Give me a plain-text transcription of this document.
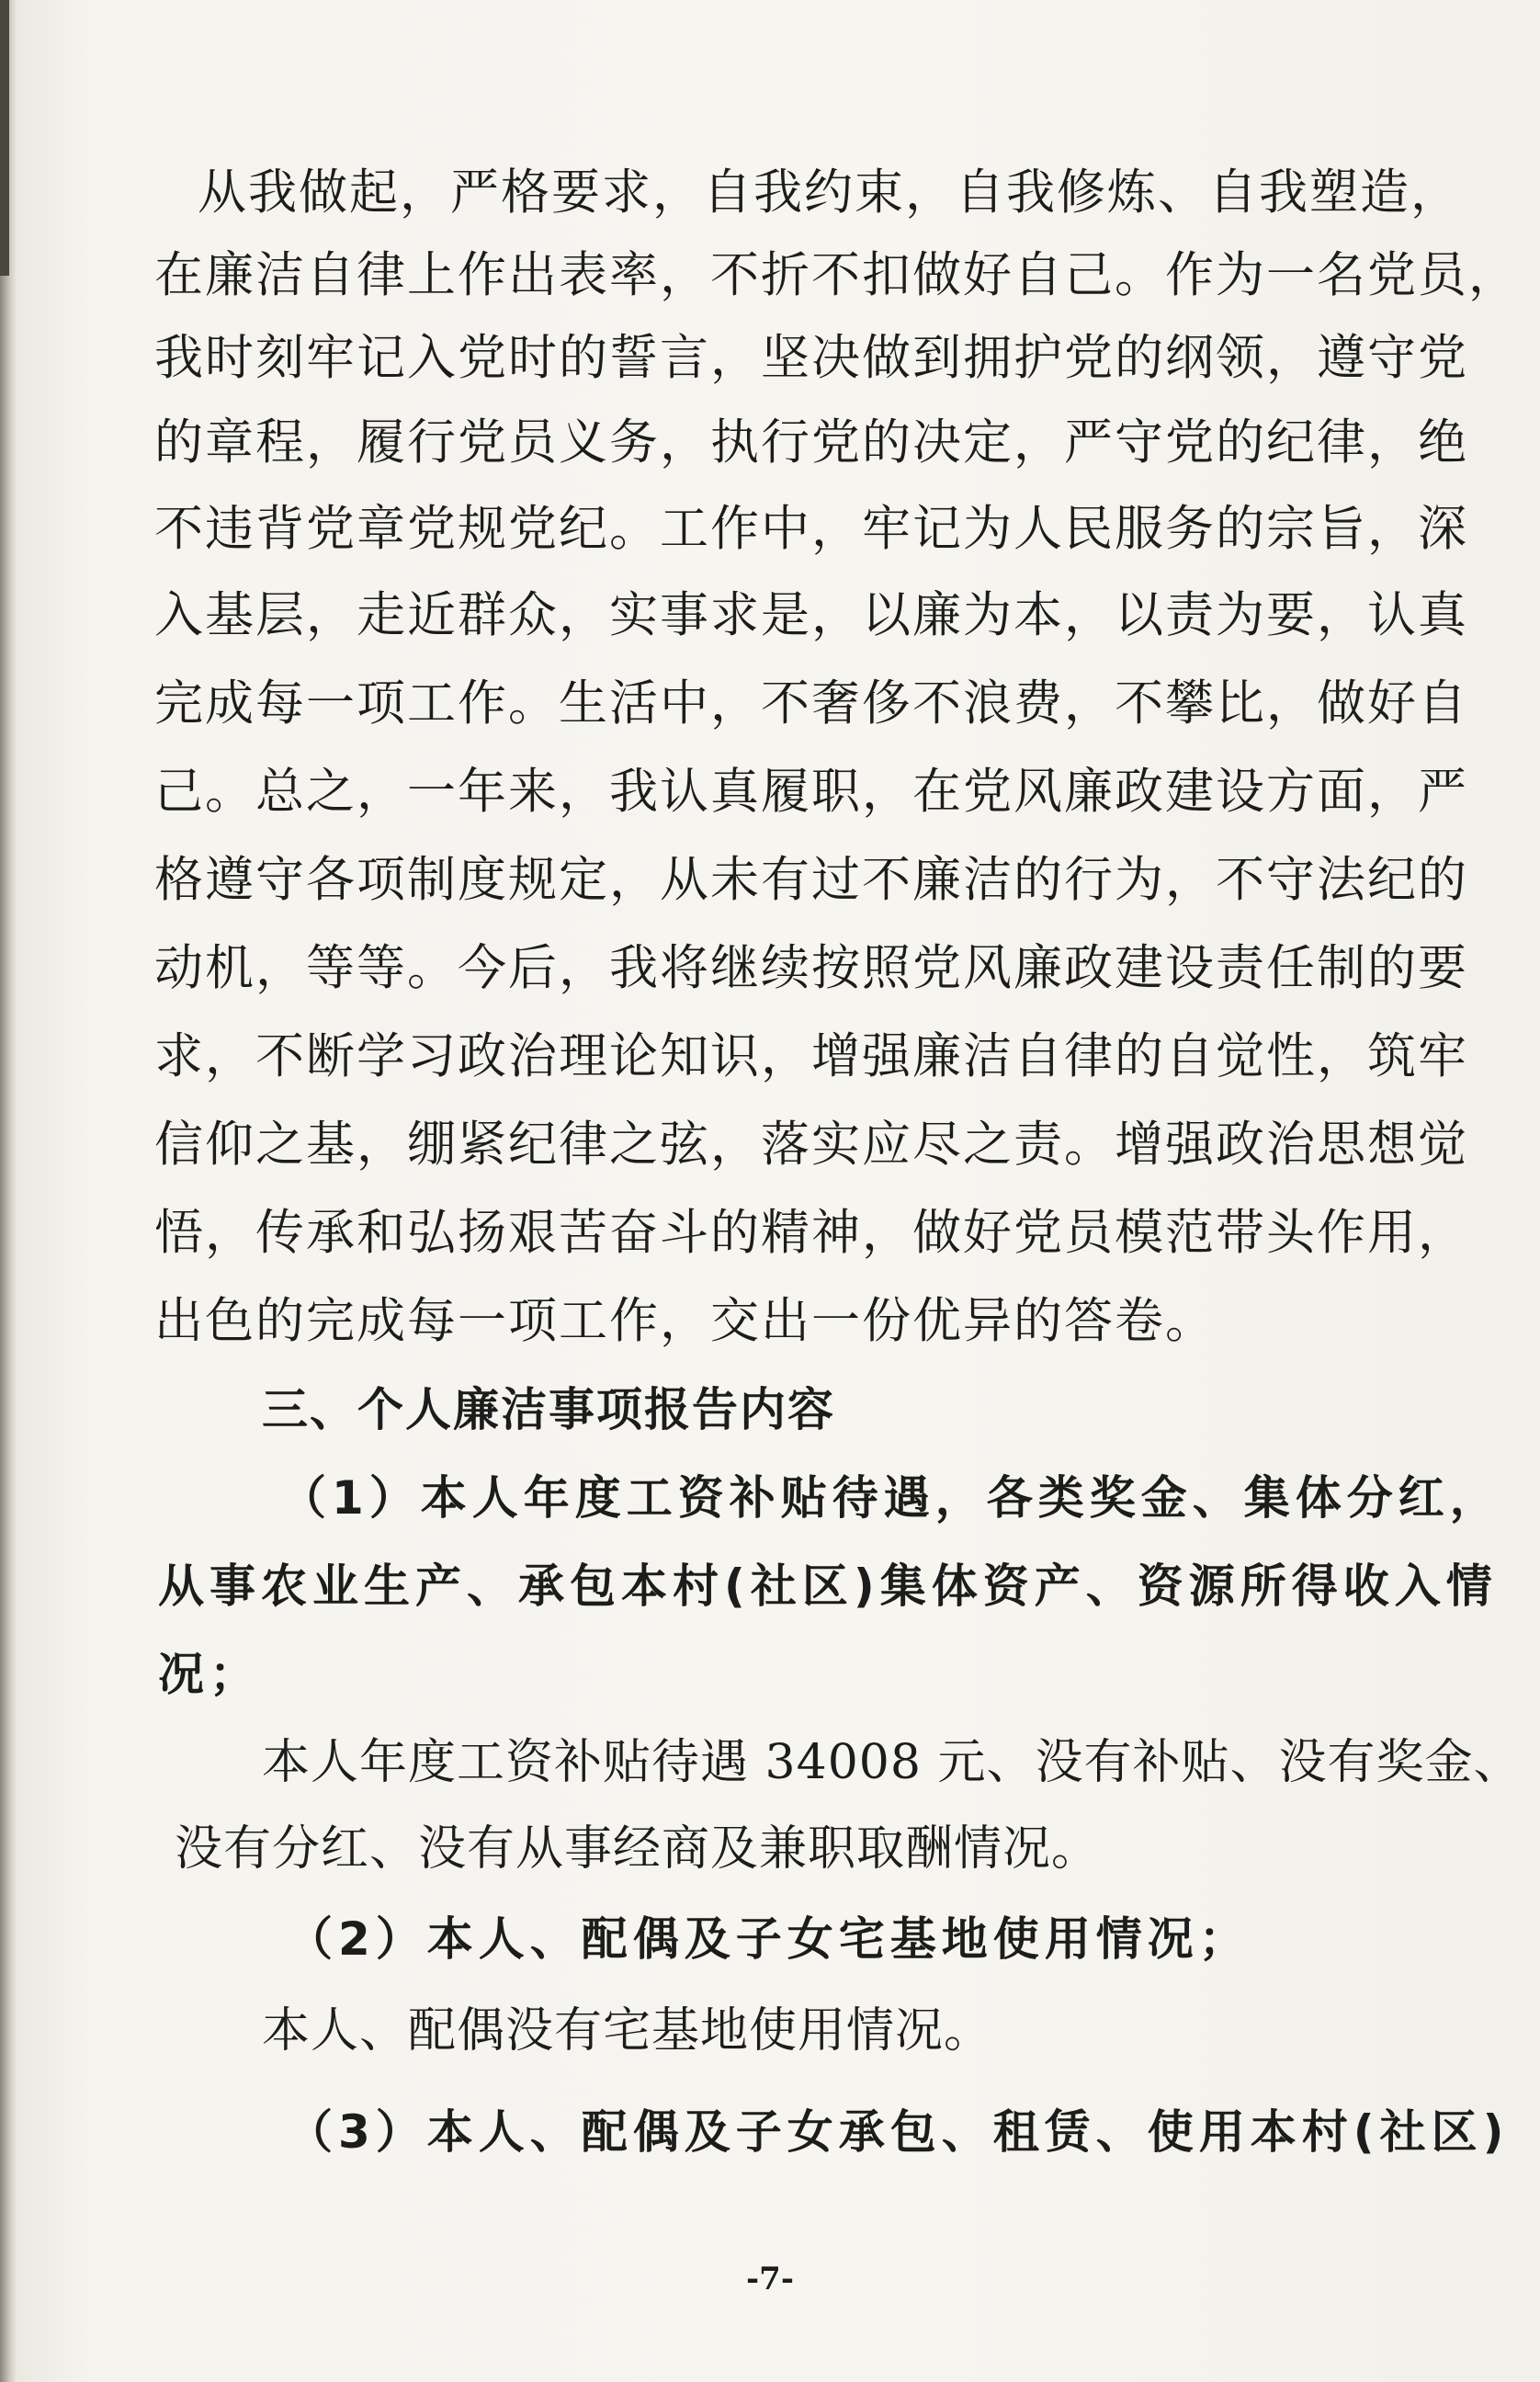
从我做起，严格要求，自我约束，自我修炼、自我塑造，
在廉洁自律上作出表率，不折不扣做好自己。作为一名党员，
我时刻牢记入党时的誓言，坚决做到拥护党的纲领，遵守党
的章程，履行党员义务，执行党的决定，严守党的纪律，绝
不违背党章党规党纪。工作中，牢记为人民服务的宗旨，深
入基层，走近群众，实事求是，以廉为本，以责为要，认真
完成每一项工作。生活中，不奢侈不浪费，不攀比，做好自
己。总之，一年来，我认真履职，在党风廉政建设方面，严
格遵守各项制度规定，从未有过不廉洁的行为，不守法纪的
动机，等等。今后，我将继续按照党风廉政建设责任制的要
求，不断学习政治理论知识，增强廉洁自律的自觉性，筑牢
信仰之基，绷紧纪律之弦，落实应尽之责。增强政治思想觉
悟，传承和弘扬艰苦奋斗的精神，做好党员模范带头作用，
出色的完成每一项工作，交出一份优异的答卷。
三、个人廉洁事项报告内容
（1）本人年度工资补贴待遇，各类奖金、集体分红，
从事农业生产、承包本村(社区)集体资产、资源所得收入情
况；
本人年度工资补贴待遇 34008 元、没有补贴、没有奖金、
没有分红、没有从事经商及兼职取酬情况。
（2）本人、配偶及子女宅基地使用情况；
本人、配偶没有宅基地使用情况。
（3）本人、配偶及子女承包、租赁、使用本村(社区)
-7-
